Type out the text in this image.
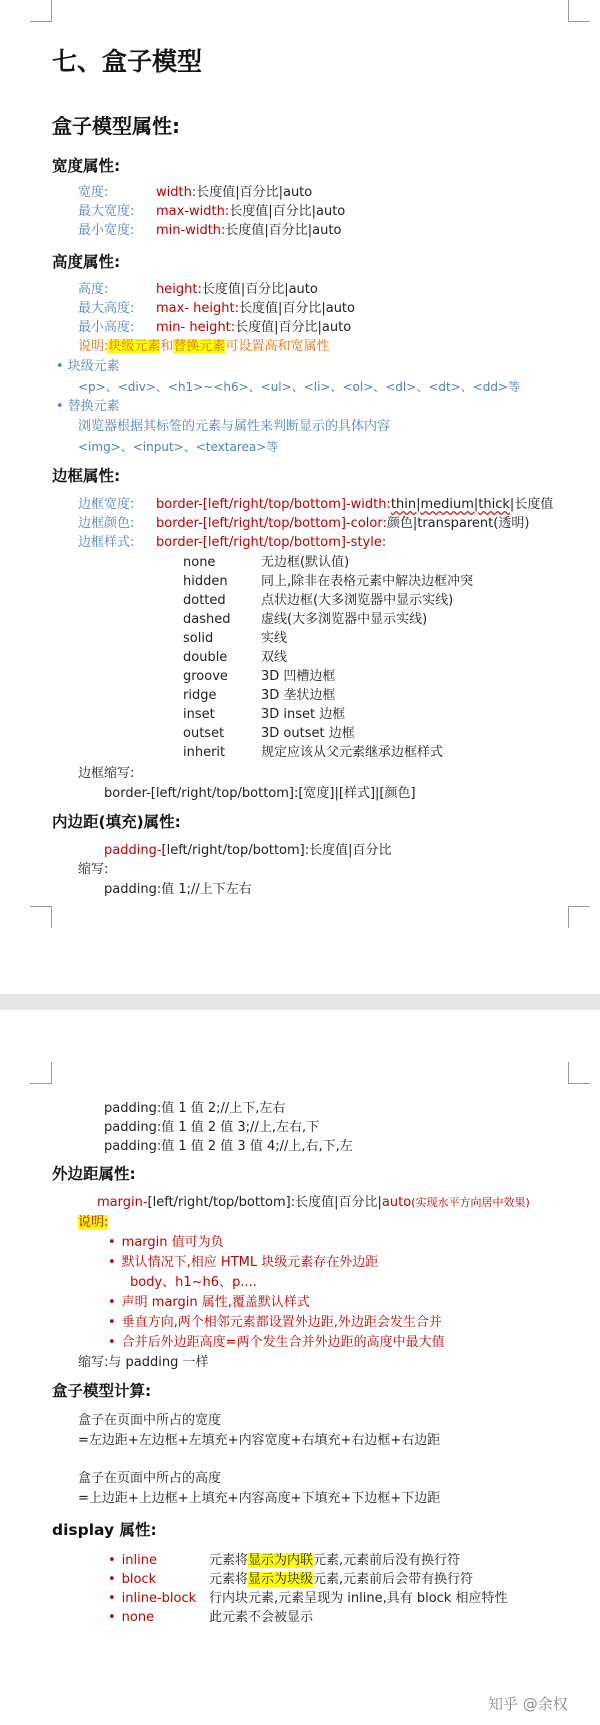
七、盒子模型
盒子模型属性:
宽度属性:
宽度:	width:长度值|百分比|auto
最大宽度: max-width:长度值|百分比|auto
最小宽度: min-width:长度值|百分比|auto
高度属性:
高度:	height:长度值|百分比|auto
最大高度: max- height:长度值|百分比|auto
最小高度: min- height:长度值|百分比|auto
说明:块级元素和替换元素可设置高和宽属性
• 块级元素
<p>、<div>、<h1>~<h6>、<ul>、<li>、<ol>、<dl>、<dt>、<dd>等
• 替换元素
浏览器根据其标签的元素与属性来判断显示的具体内容
<img>、<input>、<textarea>等
边框属性:
边框宽度: border-[left/right/top/bottom]-width:thin|medium|thick|长度值
边框颜色: border-[left/right/top/bottom]-color:颜色|transparent(透明)
边框样式: border-[left/right/top/bottom]-style:
none	无边框(默认值)
hidden	同上,除非在表格元素中解决边框冲突
dotted	点状边框(大多浏览器中显示实线)
dashed 虚线(大多浏览器中显示实线)
solid	实线
double	双线
groove	3D 凹槽边框
ridge	3D 垄状边框
inset	3D inset 边框
outset	3D outset 边框
inherit	规定应该从父元素继承边框样式
边框缩写:
border-[left/right/top/bottom]:[宽度]|[样式]|[颜色]
内边距(填充)属性:
padding-[left/right/top/bottom]:长度值|百分比
缩写:
padding:值 1;//上下左右
padding:值 1 值 2;//上下,左右
padding:值 1 值 2 值 3;//上,左右,下
padding:值 1 值 2 值 3 值 4;//上,右,下,左
外边距属性:
margin-[left/right/top/bottom]:长度值|百分比|auto(实现水平方向居中效果)
说明:
• margin 值可为负
• 默认情况下,相应 HTML 块级元素存在外边距
body、h1~h6、p....
• 声明 margin 属性,覆盖默认样式
• 垂直方向,两个相邻元素都设置外边距,外边距会发生合并
• 合并后外边距高度=两个发生合并外边距的高度中最大值
缩写:与 padding 一样
盒子模型计算:
盒子在页面中所占的宽度
=左边距+左边框+左填充+内容宽度+右填充+右边框+右边距
盒子在页面中所占的高度
=上边距+上边框+上填充+内容高度+下填充+下边框+下边距
display 属性:
• inline	元素将显示为内联元素,元素前后没有换行符
• block	元素将显示为块级元素,元素前后会带有换行符
• inline-block 行内块元素,元素呈现为 inline,具有 block 相应特性
• none	此元素不会被显示
知乎 @余权
